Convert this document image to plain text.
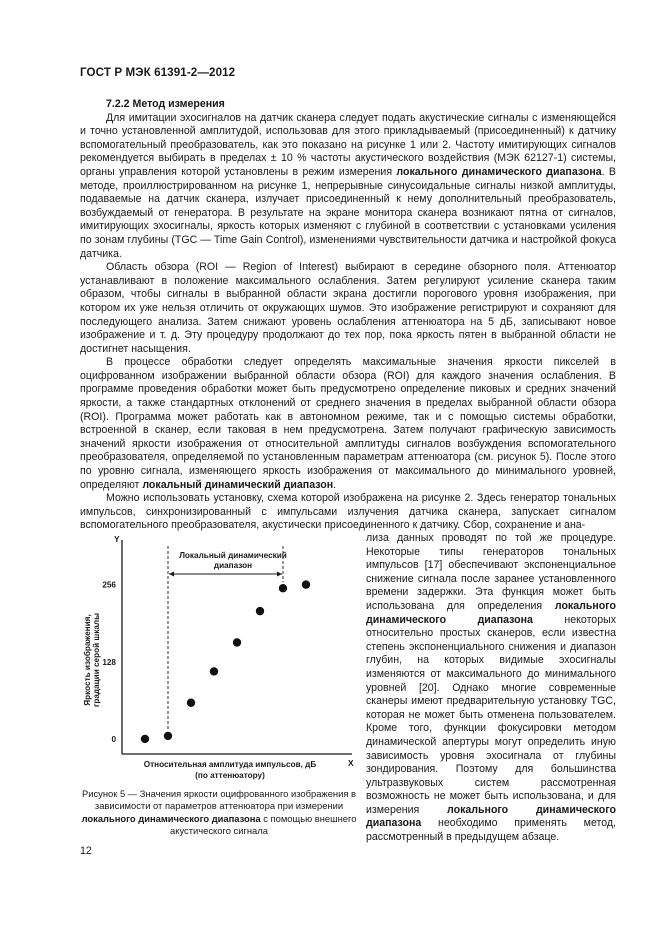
ГОСТ Р МЭК 61391-2—2012
7.2.2 Метод измерения

Для имитации эхосигналов на датчик сканера следует подать акустические сигналы с изменяющейся и точно установленной амплитудой, использовав для этого прикладываемый (присоединенный) к датчику вспомогательный преобразователь, как это показано на рисунке 1 или 2. Частоту имитирующих сигналов рекомендуется выбирать в пределах ± 10 % частоты акустического воздействия (МЭК 62127-1) системы, органы управления которой установлены в режим измерения локального динамического диапазона. В методе, проиллюстрированном на рисунке 1, непрерывные синусоидальные сигналы низкой амплитуды, подаваемые на датчик сканера, излучает присоединенный к нему дополнительный преобразователь, возбуждаемый от генератора. В результате на экране монитора сканера возникают пятна от сигналов, имитирующих эхосигналы, яркость которых изменяют с глубиной в соответствии с установками усиления по зонам глубины (TGC — Time Gain Control), изменениями чувствительности датчика и настройкой фокуса датчика.

Область обзора (ROI — Region of Interest) выбирают в середине обзорного поля. Аттенюатор устанавливают в положение максимального ослабления. Затем регулируют усиление сканера таким образом, чтобы сигналы в выбранной области экрана достигли порогового уровня изображения, при котором их уже нельзя отличить от окружающих шумов. Это изображение регистрируют и сохраняют для последующего анализа. Затем снижают уровень ослабления аттенюатора на 5 дБ, записывают новое изображение и т. д. Эту процедуру продолжают до тех пор, пока яркость пятен в выбранной области не достигнет насыщения.

В процессе обработки следует определять максимальные значения яркости пикселей в оцифрованном изображении выбранной области обзора (ROI) для каждого значения ослабления. В программе проведения обработки может быть предусмотрено определение пиковых и средних значений яркости, а также стандартных отклонений от среднего значения в пределах выбранной области обзора (ROI). Программа может работать как в автономном режиме, так и с помощью системы обработки, встроенной в сканер, если таковая в нем предусмотрена. Затем получают графическую зависимость значений яркости изображения от относительной амплитуды сигналов возбуждения вспомогательного преобразователя, определяемой по установленным параметрам аттенюатора (см. рисунок 5). После этого по уровню сигнала, изменяющего яркость изображения от максимального до минимального уровней, определяют локальный динамический диапазон.

Можно использовать установку, схема которой изображена на рисунке 2. Здесь генератор тональных импульсов, синхронизированный с импульсами излучения датчика сканера, запускает сигналом вспомогательного преобразователя, акустически присоединенного к датчику. Сбор, сохранение и ана-

Y
X
Яркость изображения, градации серой шкалы
Относительная амплитуда импульсов, дБ
(по аттенюатору)
0
128
256
Локальный динамический
диапазон
Рисунок 5 — Значения яркости оцифрованного изображения в зависимости от параметров аттенюатора при измерении локального динамического диапазона с помощью внешнего акустического сигнала
лиза данных проводят по той же процедуре. Некоторые типы генераторов тональных импульсов [17] обеспечивают экспоненциальное снижение сигнала после заранее установленного времени задержки. Эта функция может быть использована для определения локального динамического диапазона некоторых относительно простых сканеров, если известна степень экспоненциального снижения и диапазон глубин, на которых видимые эхосигналы изменяются от максимального до минимального уровней [20]. Однако многие современные сканеры имеют предварительную установку TGC, которая не может быть отменена пользователем. Кроме того, функции фокусировки методом динамической апертуры могут определить иную зависимость уровня эхосигнала от глубины зондирования. Поэтому для большинства ультразвуковых систем рассмотренная возможность не может быть использована, и для измерения локального динамического диапазона необходимо применять метод, рассмотренный в предыдущем абзаце.
12
